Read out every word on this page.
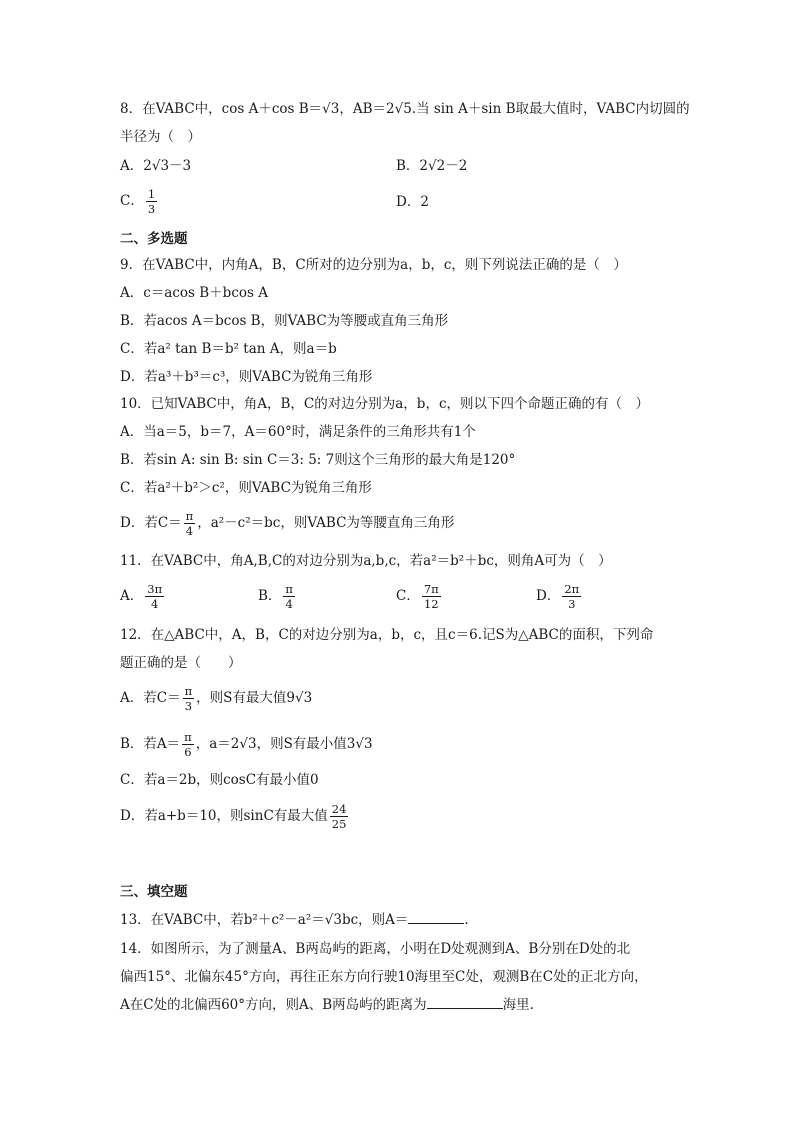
8．在VABC中，cos A＋cos B＝√3，AB＝2√5.当 sin A＋sin B取最大值时，VABC内切圆的
半径为（　）
A．2√3－3	B．2√2－2
C． $\frac{1}{3}$	D．2
二、多选题
9．在VABC中，内角A，B，C所对的边分别为a，b，c，则下列说法正确的是（　）
A．c＝acos B＋bcos A
B．若acos A＝bcos B，则VABC为等腰或直角三角形
C．若a² tan B＝b² tan A，则a＝b
D．若a³＋b³＝c³，则VABC为锐角三角形
10．已知VABC中，角A，B，C的对边分别为a，b，c，则以下四个命题正确的有（　）
A．当a＝5，b＝7，A＝60°时，满足条件的三角形共有1个
B．若sin A: sin B: sin C＝3: 5: 7则这个三角形的最大角是120°
C．若a²＋b²＞c²，则VABC为锐角三角形
D．若$C= \frac{\pi}{4}$ ，a²－c²＝bc，则VABC为等腰直角三角形
11．在VABC中，角A,B,C的对边分别为a,b,c，若a²＝b²＋bc，则角A可为（　）
A． $\frac{3\pi}{4}$	B． $\frac{\pi}{4}$	C． $\frac{7\pi}{12}$	D． $\frac{2\pi}{3}$
12．在△ABC中，A，B，C的对边分别为a，b，c，且c＝6.记S为△ABC的面积，下列命
题正确的是（　　）
A．若$C= \frac{\pi}{3}$ ，则S有最大值9√3
B．若$A= \frac{\pi}{6}$ ，a＝2√3，则S有最小值3√3
C．若a＝2b，则cosC有最小值0
D．若a+b＝10，则sinC有最大值 $\frac{24}{25}$
三、填空题
13．在VABC中，若b²＋c²－a²＝√3bc，则A＝	.
14．如图所示，为了测量A、B两岛屿的距离，小明在D处观测到A、B分别在D处的北
偏西15°、北偏东45°方向，再往正东方向行驶10海里至C处，观测B在C处的正北方向，
A在C处的北偏西60°方向，则A、B两岛屿的距离为	海里.
